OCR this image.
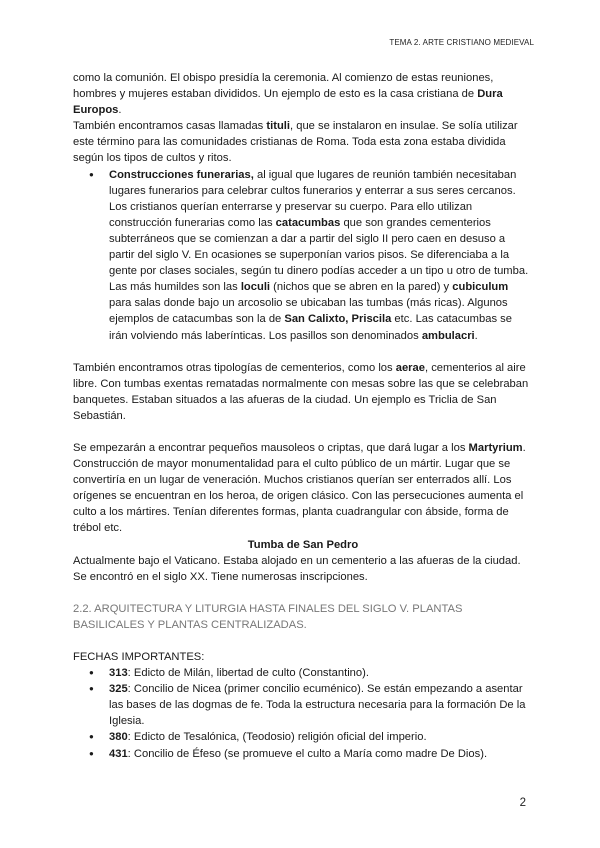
TEMA 2. ARTE CRISTIANO MEDIEVAL

como la comunión. El obispo presidía la ceremonia. Al comienzo de estas reuniones, hombres y mujeres estaban divididos. Un ejemplo de esto es la casa cristiana de Dura Europos.

También encontramos casas llamadas tituli, que se instalaron en insulae. Se solía utilizar este término para las comunidades cristianas de Roma. Toda esta zona estaba dividida según los tipos de cultos y ritos.

● Construcciones funerarias, al igual que lugares de reunión también necesitaban lugares funerarios para celebrar cultos funerarios y enterrar a sus seres cercanos. Los cristianos querían enterrarse y preservar su cuerpo. Para ello utilizan construcción funerarias como las catacumbas que son grandes cementerios subterráneos que se comienzan a dar a partir del siglo II pero caen en desuso a partir del siglo V. En ocasiones se superponían varios pisos. Se diferenciaba a la gente por clases sociales, según tu dinero podías acceder a un tipo u otro de tumba. Las más humildes son las loculi (nichos que se abren en la pared) y cubiculum para salas donde bajo un arcosolio se ubicaban las tumbas (más ricas). Algunos ejemplos de catacumbas son la de San Calixto, Priscila etc. Las catacumbas se irán volviendo más laberínticas. Los pasillos son denominados ambulacri.

También encontramos otras tipologías de cementerios, como los aerae, cementerios al aire libre. Con tumbas exentas rematadas normalmente con mesas sobre las que se celebraban banquetes. Estaban situados a las afueras de la ciudad. Un ejemplo es Triclia de San Sebastián.

Se empezarán a encontrar pequeños mausoleos o criptas, que dará lugar a los Martyrium. Construcción de mayor monumentalidad para el culto público de un mártir. Lugar que se convertiría en un lugar de veneración. Muchos cristianos querían ser enterrados allí. Los orígenes se encuentran en los heroa, de origen clásico. Con las persecuciones aumenta el culto a los mártires. Tenían diferentes formas, planta cuadrangular con ábside, forma de trébol etc.

Tumba de San Pedro

Actualmente bajo el Vaticano. Estaba alojado en un cementerio a las afueras de la ciudad. Se encontró en el siglo XX. Tiene numerosas inscripciones.

2.2. ARQUITECTURA Y LITURGIA HASTA FINALES DEL SIGLO V. PLANTAS BASILICALES Y PLANTAS CENTRALIZADAS.

FECHAS IMPORTANTES:

● 313: Edicto de Milán, libertad de culto (Constantino).
● 325: Concilio de Nicea (primer concilio ecuménico). Se están empezando a asentar las bases de las dogmas de fe. Toda la estructura necesaria para la formación De la Iglesia.
● 380: Edicto de Tesalónica, (Teodosio) religión oficial del imperio.
● 431: Concilio de Éfeso (se promueve el culto a María como madre De Dios).
2
